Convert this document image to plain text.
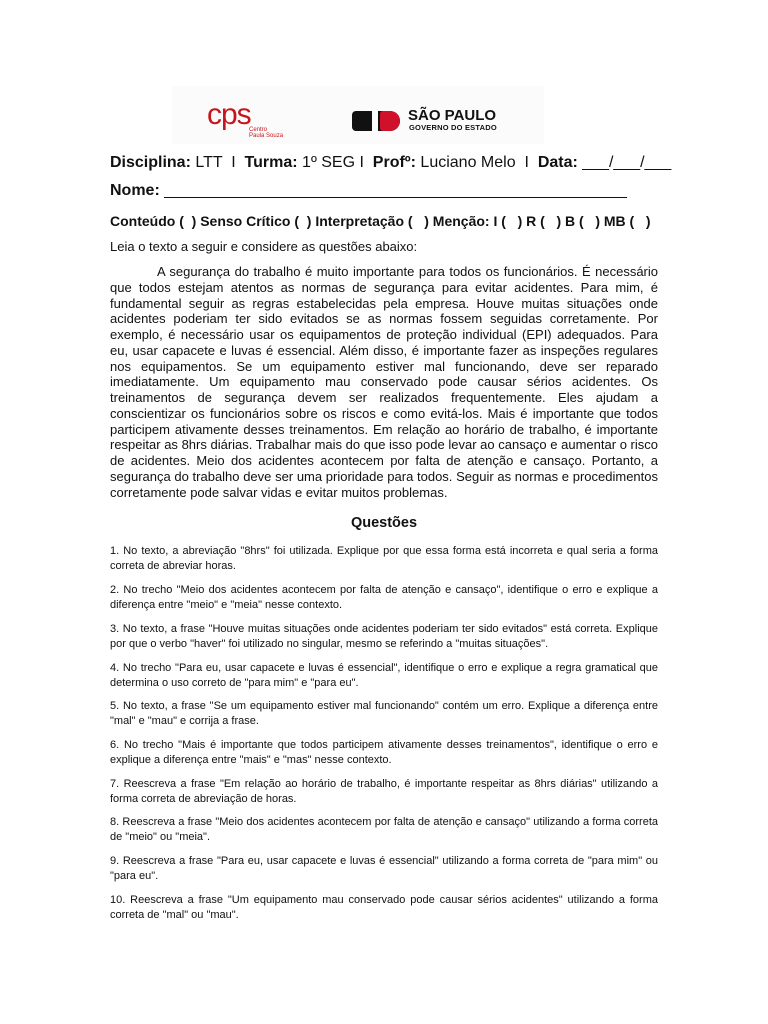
cps
Centro
Paula Souza
SÃO PAULO
GOVERNO DO ESTADO
Disciplina: LTT  I  Turma: 1º SEG I  Profº: Luciano Melo  I  Data: ___/___/___
Nome: ____________________________________________________
Conteúdo (  ) Senso Crítico (  ) Interpretação (   ) Menção: I (   ) R (   ) B (   ) MB (   )
Leia o texto a seguir e considere as questões abaixo:

A segurança do trabalho é muito importante para todos os funcionários. É necessário que todos estejam atentos as normas de segurança para evitar acidentes. Para mim, é fundamental seguir as regras estabelecidas pela empresa. Houve muitas situações onde acidentes poderiam ter sido evitados se as normas fossem seguidas corretamente. Por exemplo, é necessário usar os equipamentos de proteção individual (EPI) adequados. Para eu, usar capacete e luvas é essencial. Além disso, é importante fazer as inspeções regulares nos equipamentos. Se um equipamento estiver mal funcionando, deve ser reparado imediatamente. Um equipamento mau conservado pode causar sérios acidentes. Os treinamentos de segurança devem ser realizados frequentemente. Eles ajudam a conscientizar os funcionários sobre os riscos e como evitá-los. Mais é importante que todos participem ativamente desses treinamentos. Em relação ao horário de trabalho, é importante respeitar as 8hrs diárias. Trabalhar mais do que isso pode levar ao cansaço e aumentar o risco de acidentes. Meio dos acidentes acontecem por falta de atenção e cansaço. Portanto, a segurança do trabalho deve ser uma prioridade para todos. Seguir as normas e procedimentos corretamente pode salvar vidas e evitar muitos problemas.

Questões

1. No texto, a abreviação "8hrs" foi utilizada. Explique por que essa forma está incorreta e qual seria a forma correta de abreviar horas.

2. No trecho "Meio dos acidentes acontecem por falta de atenção e cansaço", identifique o erro e explique a diferença entre "meio" e "meia" nesse contexto.

3. No texto, a frase "Houve muitas situações onde acidentes poderiam ter sido evitados" está correta. Explique por que o verbo "haver" foi utilizado no singular, mesmo se referindo a "muitas situações".

4. No trecho "Para eu, usar capacete e luvas é essencial", identifique o erro e explique a regra gramatical que determina o uso correto de "para mim" e "para eu".

5. No texto, a frase "Se um equipamento estiver mal funcionando" contém um erro. Explique a diferença entre "mal" e "mau" e corrija a frase.

6. No trecho "Mais é importante que todos participem ativamente desses treinamentos", identifique o erro e explique a diferença entre "mais" e "mas" nesse contexto.

7. Reescreva a frase "Em relação ao horário de trabalho, é importante respeitar as 8hrs diárias" utilizando a forma correta de abreviação de horas.

8. Reescreva a frase "Meio dos acidentes acontecem por falta de atenção e cansaço" utilizando a forma correta de "meio" ou "meia".

9. Reescreva a frase "Para eu, usar capacete e luvas é essencial" utilizando a forma correta de "para mim" ou "para eu".

10. Reescreva a frase "Um equipamento mau conservado pode causar sérios acidentes" utilizando a forma correta de "mal" ou "mau".
